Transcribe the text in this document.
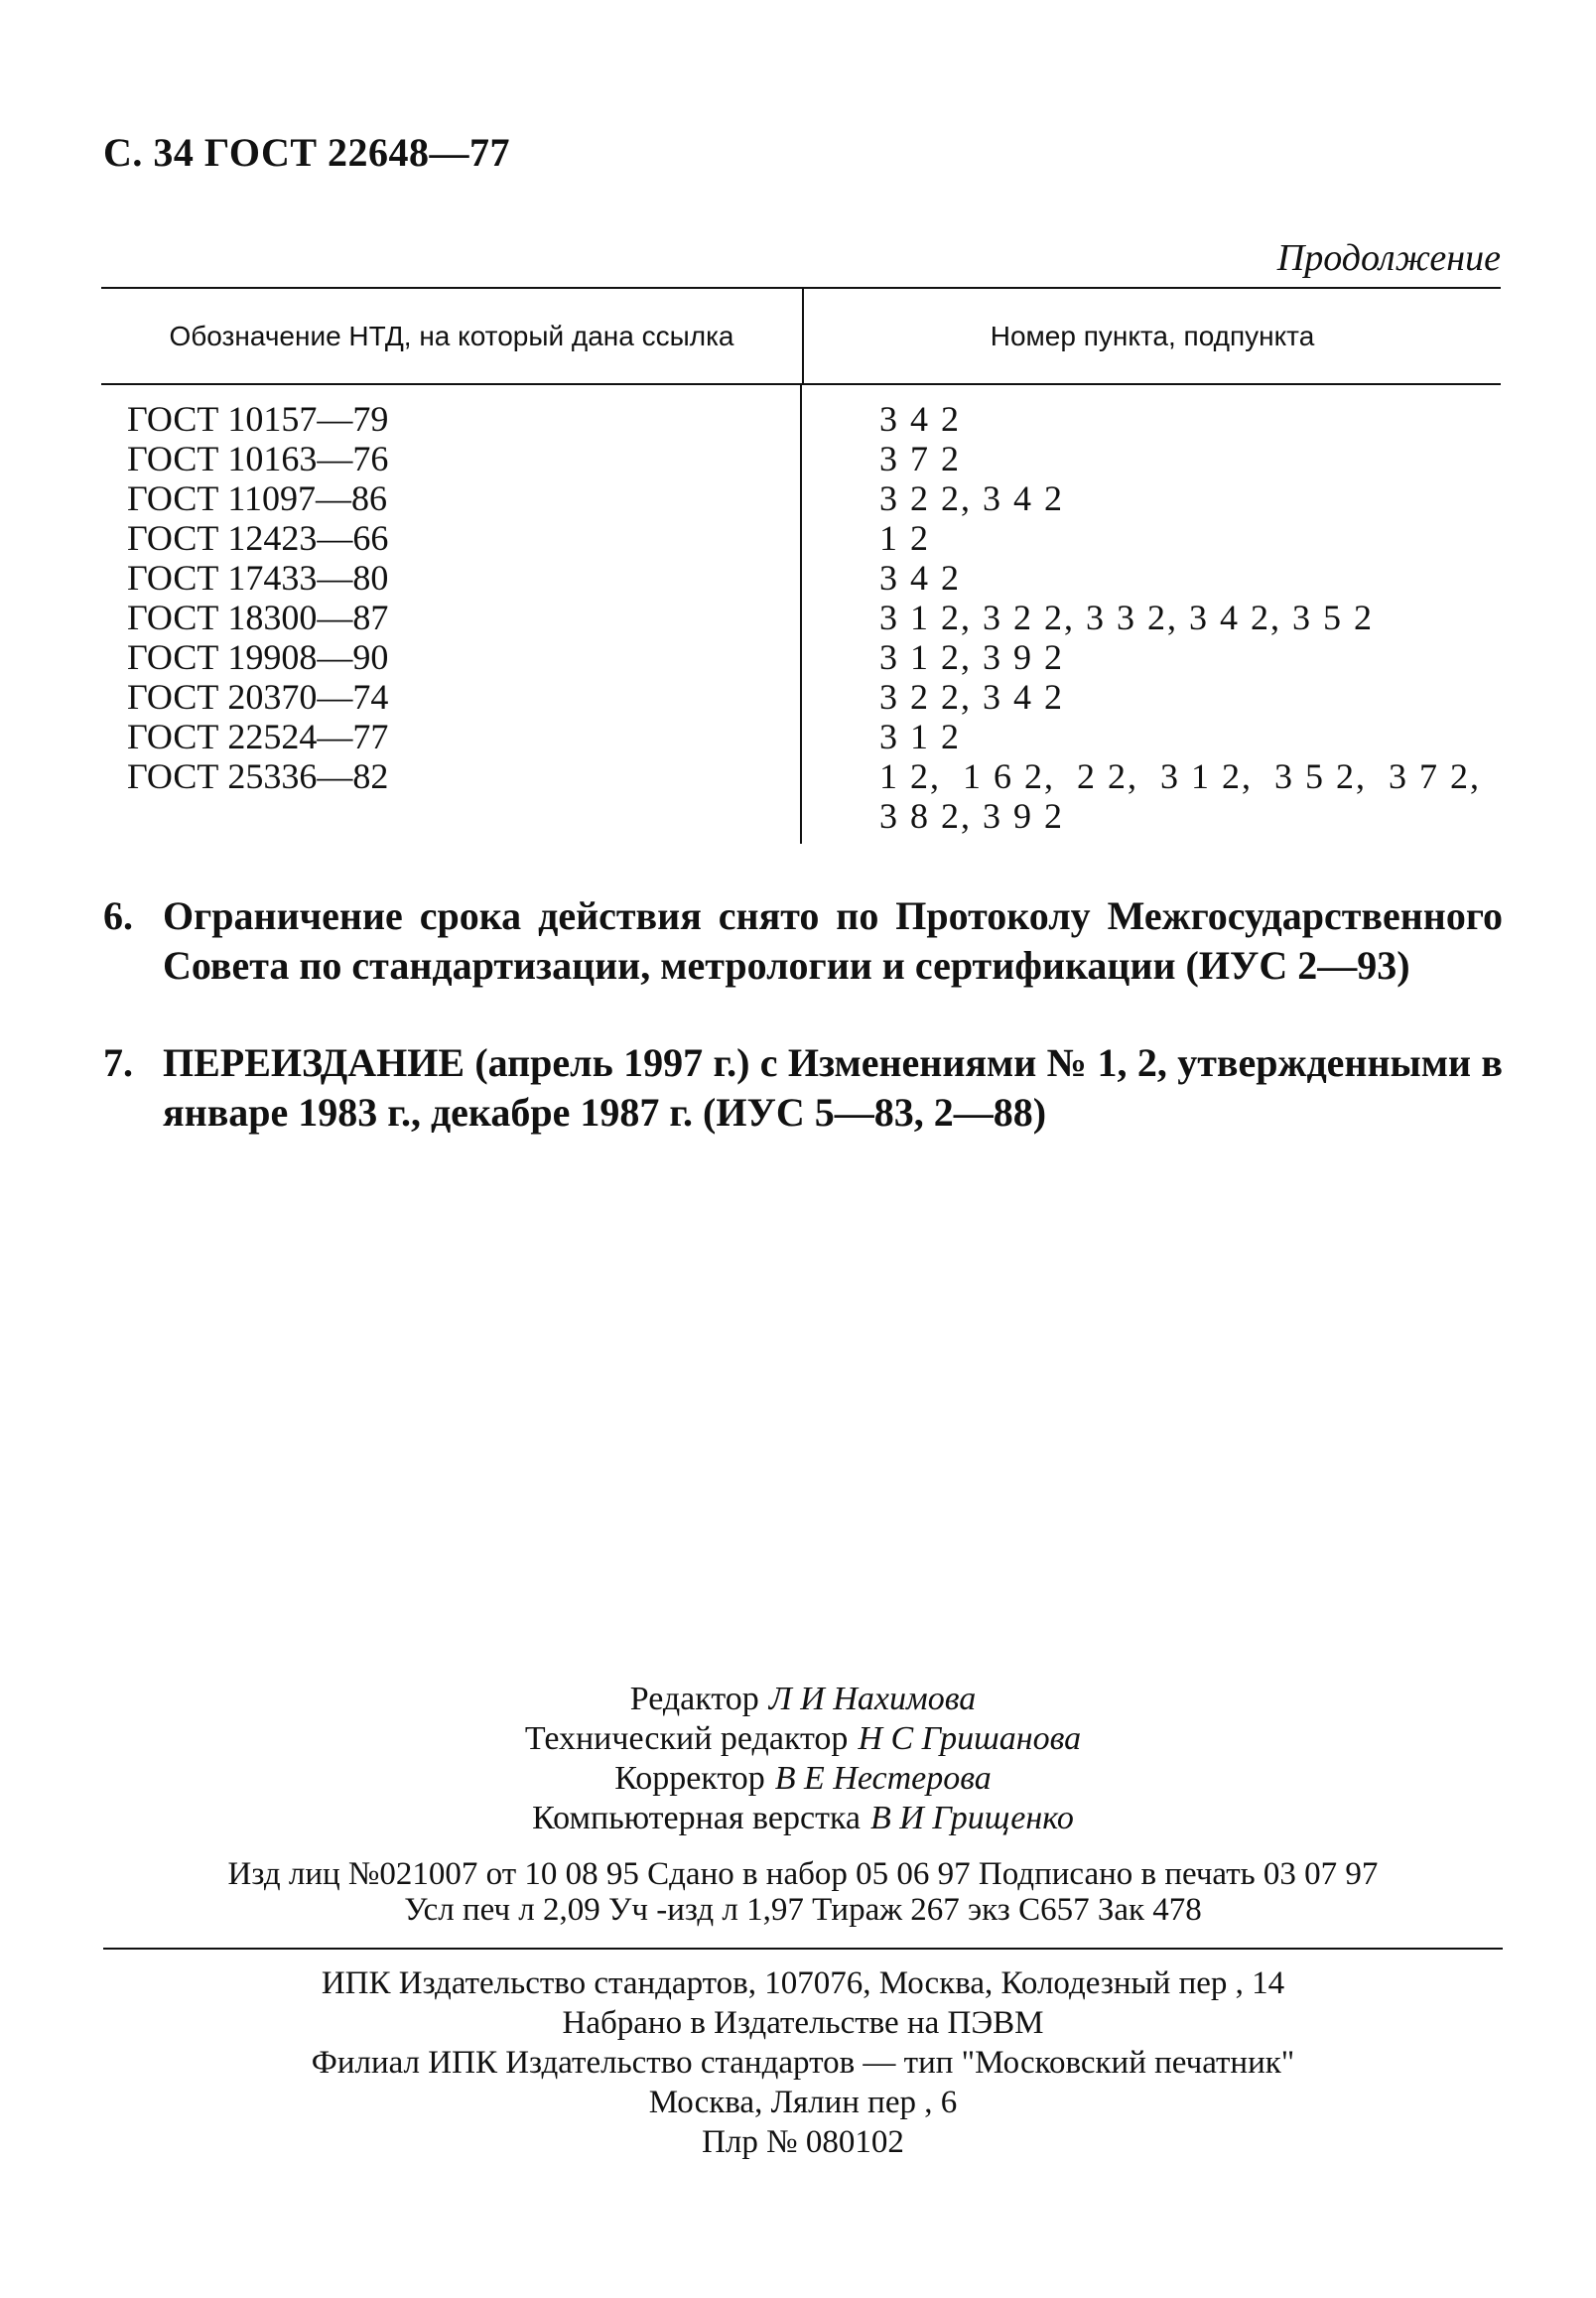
С. 34 ГОСТ 22648—77
Продолжение
Обозначение НТД, на который дана ссылка	Номер пункта, подпункта
ГОСТ 10157—79
ГОСТ 10163—76
ГОСТ 11097—86
ГОСТ 12423—66
ГОСТ 17433—80
ГОСТ 18300—87
ГОСТ 19908—90
ГОСТ 20370—74
ГОСТ 22524—77
ГОСТ 25336—82
3 4 2
3 7 2
3 2 2, 3 4 2
1 2
3 4 2
3 1 2, 3 2 2, 3 3 2, 3 4 2, 3 5 2
3 1 2, 3 9 2
3 2 2, 3 4 2
3 1 2
1 2,  1 6 2,  2 2,  3 1 2,  3 5 2,  3 7 2,
3 8 2, 3 9 2
6. Ограничение срока действия снято по Протоколу Межгосударственного Совета по стандартизации, метрологии и сертификации (ИУС 2—93)
7. ПЕРЕИЗДАНИЕ (апрель 1997 г.) с Изменениями № 1, 2, утвержденными в январе 1983 г., декабре 1987 г. (ИУС 5—83, 2—88)
Редактор Л И Нахимова
Технический редактор Н С Гришанова
Корректор В Е Нестерова
Компьютерная верстка В И Грищенко
Изд лиц №021007 от 10 08 95 Сдано в набор 05 06 97 Подписано в печать 03 07 97
Усл печ л 2,09 Уч -изд л 1,97 Тираж 267 экз С657 Зак 478
ИПК Издательство стандартов, 107076, Москва, Колодезный пер , 14
Набрано в Издательстве на ПЭВМ
Филиал ИПК Издательство стандартов — тип "Московский печатник"
Москва, Лялин пер , 6
Плр № 080102
